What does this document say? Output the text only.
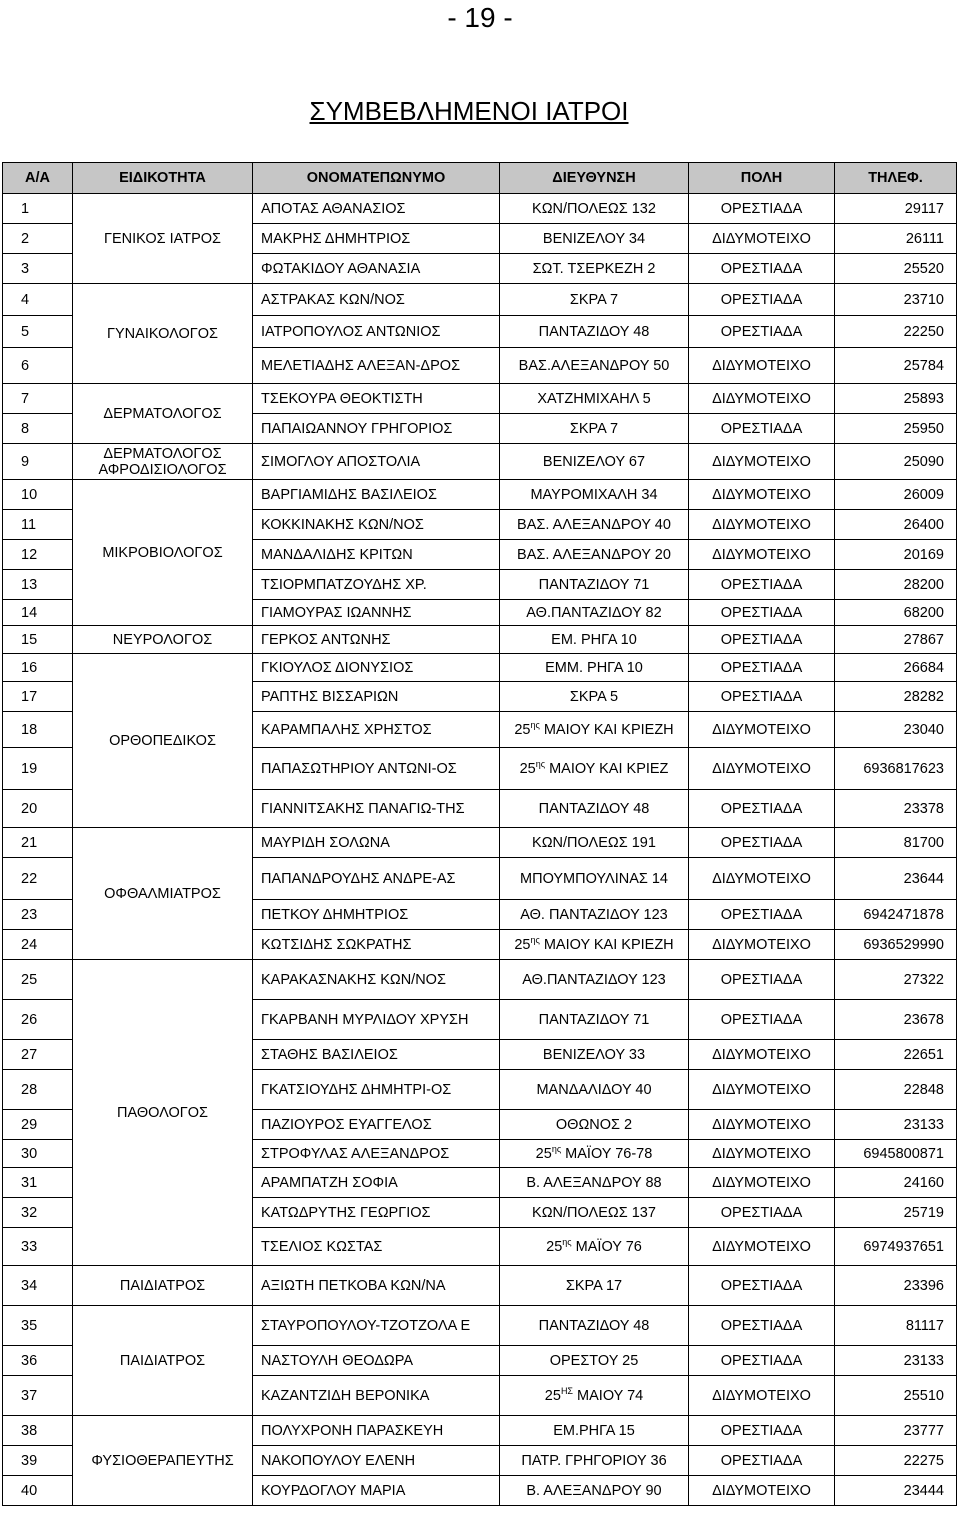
- 19 -
ΣΥΜΒΕΒΛΗΜΕΝΟΙ ΙΑΤΡΟΙ
Α/Α	ΕΙΔΙΚΟΤΗΤΑ	ΟΝΟΜΑΤΕΠΩΝΥΜΟ	ΔΙΕΥΘΥΝΣΗ	ΠΟΛΗ	ΤΗΛΕΦ.
1	ΓΕΝΙΚΟΣ ΙΑΤΡΟΣ	ΑΠΟΤΑΣ ΑΘΑΝΑΣΙΟΣ	ΚΩΝ/ΠΟΛΕΩΣ 132	ΟΡΕΣΤΙΑΔΑ	29117
2		ΜΑΚΡΗΣ ΔΗΜΗΤΡΙΟΣ	ΒΕΝΙΖΕΛΟΥ 34	ΔΙΔΥΜΟΤΕΙΧΟ	26111
3		ΦΩΤΑΚΙΔΟΥ ΑΘΑΝΑΣΙΑ	ΣΩΤ. ΤΣΕΡΚΕΖΗ 2	ΟΡΕΣΤΙΑΔΑ	25520
4	ΓΥΝΑΙΚΟΛΟΓΟΣ	ΑΣΤΡΑΚΑΣ ΚΩΝ/ΝΟΣ	ΣΚΡΑ 7	ΟΡΕΣΤΙΑΔΑ	23710
5		ΙΑΤΡΟΠΟΥΛΟΣ ΑΝΤΩΝΙΟΣ	ΠΑΝΤΑΖΙΔΟΥ 48	ΟΡΕΣΤΙΑΔΑ	22250
6		ΜΕΛΕΤΙΑΔΗΣ ΑΛΕΞΑΝ-ΔΡΟΣ	ΒΑΣ.ΑΛΕΞΑΝΔΡΟΥ 50	ΔΙΔΥΜΟΤΕΙΧΟ	25784
7	ΔΕΡΜΑΤΟΛΟΓΟΣ	ΤΣΕΚΟΥΡΑ ΘΕΟΚΤΙΣΤΗ	ΧΑΤΖΗΜΙΧΑΗΛ 5	ΔΙΔΥΜΟΤΕΙΧΟ	25893
8		ΠΑΠΑΙΩΑΝΝΟΥ ΓΡΗΓΟΡΙΟΣ	ΣΚΡΑ 7	ΟΡΕΣΤΙΑΔΑ	25950
9	ΔΕΡΜΑΤΟΛΟΓΟΣ ΑΦΡΟΔΙΣΙΟΛΟΓΟΣ	ΣΙΜΟΓΛΟΥ ΑΠΟΣΤΟΛΙΑ	ΒΕΝΙΖΕΛΟΥ 67	ΔΙΔΥΜΟΤΕΙΧΟ	25090
10	ΜΙΚΡΟΒΙΟΛΟΓΟΣ	ΒΑΡΓΙΑΜΙΔΗΣ ΒΑΣΙΛΕΙΟΣ	ΜΑΥΡΟΜΙΧΑΛΗ 34	ΔΙΔΥΜΟΤΕΙΧΟ	26009
11		ΚΟΚΚΙΝΑΚΗΣ ΚΩΝ/ΝΟΣ	ΒΑΣ. ΑΛΕΞΑΝΔΡΟΥ 40	ΔΙΔΥΜΟΤΕΙΧΟ	26400
12		ΜΑΝΔΑΛΙΔΗΣ ΚΡΙΤΩΝ	ΒΑΣ. ΑΛΕΞΑΝΔΡΟΥ 20	ΔΙΔΥΜΟΤΕΙΧΟ	20169
13		ΤΣΙΟΡΜΠΑΤΖΟΥΔΗΣ ΧΡ.	ΠΑΝΤΑΖΙΔΟΥ 71	ΟΡΕΣΤΙΑΔΑ	28200
14		ΓΙΑΜΟΥΡΑΣ ΙΩΑΝΝΗΣ	ΑΘ.ΠΑΝΤΑΖΙΔΟΥ 82	ΟΡΕΣΤΙΑΔΑ	68200
15	ΝΕΥΡΟΛΟΓΟΣ	ΓΕΡΚΟΣ ΑΝΤΩΝΗΣ	ΕΜ. ΡΗΓΑ 10	ΟΡΕΣΤΙΑΔΑ	27867
16	ΟΡΘΟΠΕΔΙΚΟΣ	ΓΚΙΟΥΛΟΣ ΔΙΟΝΥΣΙΟΣ	ΕΜΜ. ΡΗΓΑ 10	ΟΡΕΣΤΙΑΔΑ	26684
17		ΡΑΠΤΗΣ ΒΙΣΣΑΡΙΩΝ	ΣΚΡΑ 5	ΟΡΕΣΤΙΑΔΑ	28282
18		ΚΑΡΑΜΠΑΛΗΣ ΧΡΗΣΤΟΣ	$25^{\eta\varsigma}$ ΜΑΙΟΥ ΚΑΙ ΚΡΙΕΖΗ	ΔΙΔΥΜΟΤΕΙΧΟ	23040
19		ΠΑΠΑΣΩΤΗΡΙΟΥ ΑΝΤΩΝΙ-ΟΣ	$25^{\eta\varsigma}$ ΜΑΙΟΥ ΚΑΙ ΚΡΙΕΖ	ΔΙΔΥΜΟΤΕΙΧΟ	6936817623
20		ΓΙΑΝΝΙΤΣΑΚΗΣ ΠΑΝΑΓΙΩ-ΤΗΣ	ΠΑΝΤΑΖΙΔΟΥ 48	ΟΡΕΣΤΙΑΔΑ	23378
21	ΟΦΘΑΛΜΙΑΤΡΟΣ	ΜΑΥΡΙΔΗ ΣΟΛΩΝΑ	ΚΩΝ/ΠΟΛΕΩΣ 191	ΟΡΕΣΤΙΑΔΑ	81700
22		ΠΑΠΑΝΔΡΟΥΔΗΣ ΑΝΔΡΕ-ΑΣ	ΜΠΟΥΜΠΟΥΛΙΝΑΣ 14	ΔΙΔΥΜΟΤΕΙΧΟ	23644
23		ΠΕΤΚΟΥ ΔΗΜΗΤΡΙΟΣ	ΑΘ. ΠΑΝΤΑΖΙΔΟΥ 123	ΟΡΕΣΤΙΑΔΑ	6942471878
24		ΚΩΤΣΙΔΗΣ ΣΩΚΡΑΤΗΣ	$25^{\eta\varsigma}$ ΜΑΙΟΥ ΚΑΙ ΚΡΙΕΖΗ	ΔΙΔΥΜΟΤΕΙΧΟ	6936529990
25	ΠΑΘΟΛΟΓΟΣ	ΚΑΡΑΚΑΣΝΑΚΗΣ ΚΩΝ/ΝΟΣ	ΑΘ.ΠΑΝΤΑΖΙΔΟΥ 123	ΟΡΕΣΤΙΑΔΑ	27322
26		ΓΚΑΡΒΑΝΗ ΜΥΡΛΙΔΟΥ ΧΡΥΣΗ	ΠΑΝΤΑΖΙΔΟΥ 71	ΟΡΕΣΤΙΑΔΑ	23678
27		ΣΤΑΘΗΣ ΒΑΣΙΛΕΙΟΣ	ΒΕΝΙΖΕΛΟΥ 33	ΔΙΔΥΜΟΤΕΙΧΟ	22651
28		ΓΚΑΤΣΙΟΥΔΗΣ ΔΗΜΗΤΡΙ-ΟΣ	ΜΑΝΔΑΛΙΔΟΥ 40	ΔΙΔΥΜΟΤΕΙΧΟ	22848
29		ΠΑΖΙΟΥΡΟΣ ΕΥΑΓΓΕΛΟΣ	ΟΘΩΝΟΣ 2	ΔΙΔΥΜΟΤΕΙΧΟ	23133
30		ΣΤΡΟΦΥΛΑΣ ΑΛΕΞΑΝΔΡΟΣ	$25^{\eta\varsigma}$ ΜΑΪΟΥ 76-78	ΔΙΔΥΜΟΤΕΙΧΟ	6945800871
31		ΑΡΑΜΠΑΤΖΗ ΣΟΦΙΑ	Β. ΑΛΕΞΑΝΔΡΟΥ 88	ΔΙΔΥΜΟΤΕΙΧΟ	24160
32		ΚΑΤΩΔΡΥΤΗΣ ΓΕΩΡΓΙΟΣ	ΚΩΝ/ΠΟΛΕΩΣ 137	ΟΡΕΣΤΙΑΔΑ	25719
33		ΤΣΕΛΙΟΣ ΚΩΣΤΑΣ	$25^{\eta\varsigma}$ ΜΑΪΟΥ 76	ΔΙΔΥΜΟΤΕΙΧΟ	6974937651
34	ΠΑΙΔΙΑΤΡΟΣ	ΑΞΙΩΤΗ ΠΕΤΚΟΒΑ ΚΩΝ/ΝΑ	ΣΚΡΑ 17	ΟΡΕΣΤΙΑΔΑ	23396
35	ΠΑΙΔΙΑΤΡΟΣ	ΣΤΑΥΡΟΠΟΥΛΟΥ-ΤΖΟΤΖΟΛΑ Ε	ΠΑΝΤΑΖΙΔΟΥ 48	ΟΡΕΣΤΙΑΔΑ	81117
36		ΝΑΣΤΟΥΛΗ ΘΕΟΔΩΡΑ	ΟΡΕΣΤΟΥ 25	ΟΡΕΣΤΙΑΔΑ	23133
37		ΚΑΖΑΝΤΖΙΔΗ ΒΕΡΟΝΙΚΑ	$25^{H\Sigma}$ ΜΑΙΟΥ 74	ΔΙΔΥΜΟΤΕΙΧΟ	25510
38	ΦΥΣΙΟΘΕΡΑΠΕΥΤΗΣ	ΠΟΛΥΧΡΟΝΗ ΠΑΡΑΣΚΕΥΗ	ΕΜ.ΡΗΓΑ 15	ΟΡΕΣΤΙΑΔΑ	23777
39		ΝΑΚΟΠΟΥΛΟΥ ΕΛΕΝΗ	ΠΑΤΡ. ΓΡΗΓΟΡΙΟΥ 36	ΟΡΕΣΤΙΑΔΑ	22275
40		ΚΟΥΡΔΟΓΛΟΥ ΜΑΡΙΑ	Β. ΑΛΕΞΑΝΔΡΟΥ 90	ΔΙΔΥΜΟΤΕΙΧΟ	23444
